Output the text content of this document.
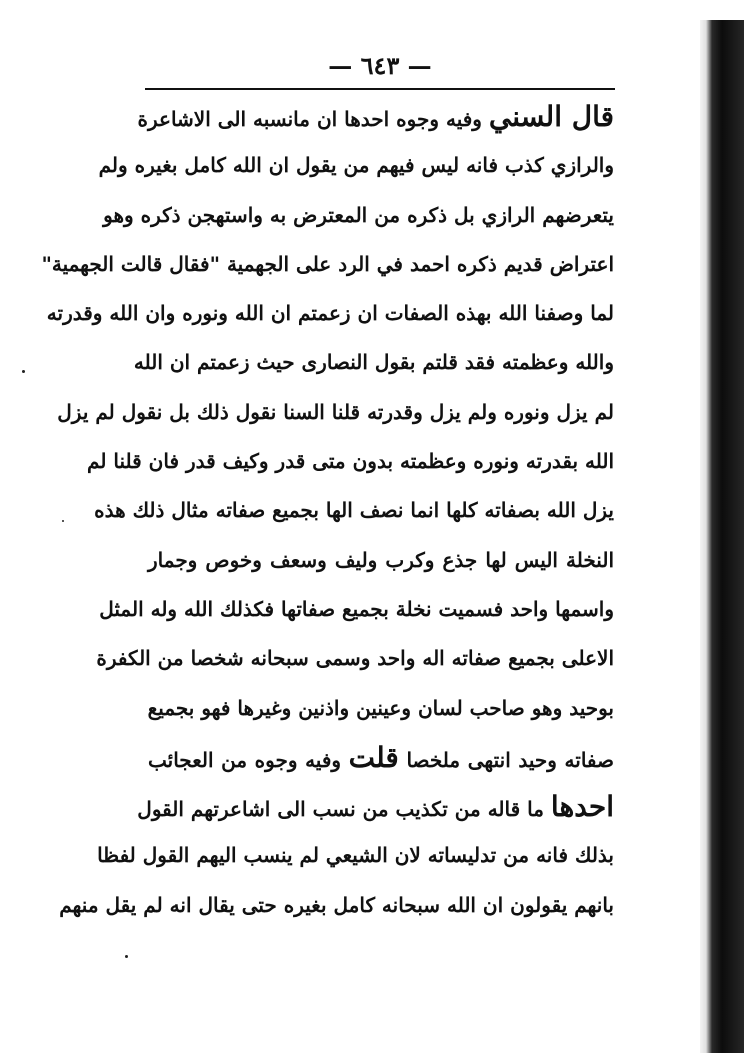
— ٦٤٣ —
قال السني وفيه وجوه احدها ان مانسبه الى الاشاعرة
والرازي كذب فانه ليس فيهم من يقول ان الله كامل بغيره ولم
يتعرضهم الرازي بل ذكره من المعترض به واستهجن ذكره وهو
اعتراض قديم ذكره احمد في الرد على الجهمية "فقال قالت الجهمية"
لما وصفنا الله بهذه الصفات ان زعمتم ان الله ونوره وان الله وقدرته
والله وعظمته فقد قلتم بقول النصارى حيث زعمتم ان الله
لم يزل ونوره ولم يزل وقدرته قلنا السنا نقول ذلك بل نقول لم يزل
الله بقدرته ونوره وعظمته بدون متى قدر وكيف قدر فان قلنا لم
يزل الله بصفاته كلها انما نصف الها بجميع صفاته مثال ذلك هذه
النخلة اليس لها جذع وكرب وليف وسعف وخوص وجمار
واسمها واحد فسميت نخلة بجميع صفاتها فكذلك الله وله المثل
الاعلى بجميع صفاته اله واحد وسمى سبحانه شخصا من الكفرة
بوحيد وهو صاحب لسان وعينين واذنين وغيرها فهو بجميع
صفاته وحيد انتهى ملخصا قلت وفيه وجوه من العجائب
احدها ما قاله من تكذيب من نسب الى اشاعرتهم القول
بذلك فانه من تدليساته لان الشيعي لم ينسب اليهم القول لفظا
بانهم يقولون ان الله سبحانه كامل بغيره حتى يقال انه لم يقل منهم
